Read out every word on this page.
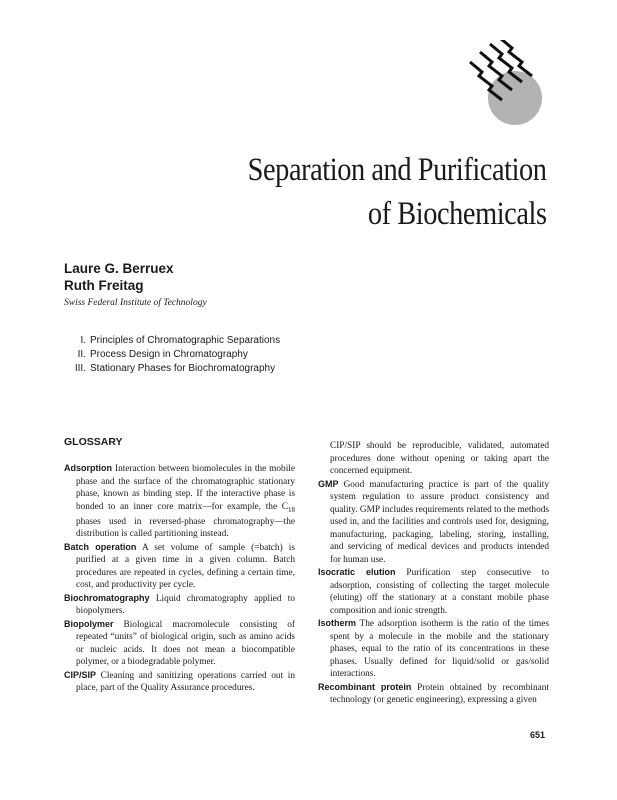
Separation and Purification
of Biochemicals
Laure G. Berruex
Ruth Freitag
Swiss Federal Institute of Technology
I. Principles of Chromatographic Separations
II. Process Design in Chromatography
III. Stationary Phases for Biochromatography
GLOSSARY

Adsorption Interaction between biomolecules in the mobile phase and the surface of the chromatographic stationary phase, known as binding step. If the interactive phase is bonded to an inner core matrix—for example, the $C_{18}$ phases used in reversed-phase chromatography—the distribution is called partitioning instead.

Batch operation A set volume of sample (=batch) is purified at a given time in a given column. Batch procedures are repeated in cycles, defining a certain time, cost, and productivity per cycle.

Biochromatography Liquid chromatography applied to biopolymers.

Biopolymer Biological macromolecule consisting of repeated “units” of biological origin, such as amino acids or nucleic acids. It does not mean a biocompatible polymer, or a biodegradable polymer.

CIP/SIP Cleaning and sanitizing operations carried out in place, part of the Quality Assurance procedures.

CIP/SIP should be reproducible, validated, automated procedures done without opening or taking apart the concerned equipment.

GMP Good manufacturing practice is part of the quality system regulation to assure product consistency and quality. GMP includes requirements related to the methods used in, and the facilities and controls used for, designing, manufacturing, packaging, labeling, storing, installing, and servicing of medical devices and products intended for human use.

Isocratic elution Purification step consecutive to adsorption, consisting of collecting the target molecule (eluting) off the stationary at a constant mobile phase composition and ionic strength.

Isotherm The adsorption isotherm is the ratio of the times spent by a molecule in the mobile and the stationary phases, equal to the ratio of its concentrations in these phases. Usually defined for liquid/solid or gas/solid interactions.

Recombinant protein Protein obtained by recombinant technology (or genetic engineering), expressing a given

651
